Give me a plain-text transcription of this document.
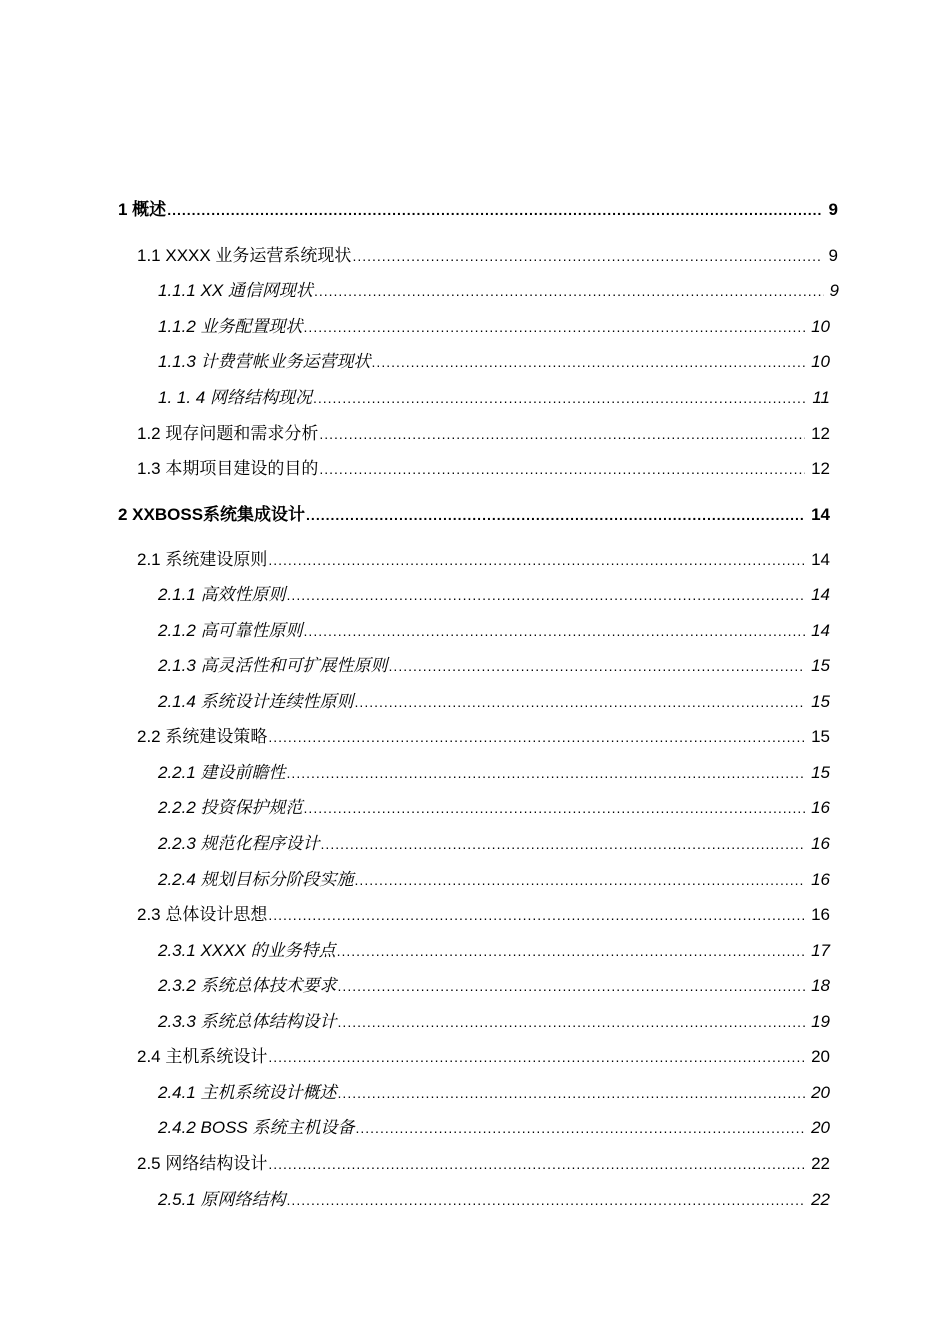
1 概述 .....	9
1.1 XXXX 业务运营系统现状 .....	9
1.1.1 XX 通信网现状 .....	9
1.1.2 业务配置现状 .....	10
1.1.3 计费营帐业务运营现状 .....	10
1. 1. 4 网络结构现况 .....	11
1.2 现存问题和需求分析 .....	12
1.3 本期项目建设的目的 .....	12
2 XXBOSS系统集成设计 .....	14
2.1 系统建设原则 .....	14
2.1.1 高效性原则 .....	14
2.1.2 高可靠性原则 .....	14
2.1.3 高灵活性和可扩展性原则 .....	15
2.1.4 系统设计连续性原则 .....	15
2.2 系统建设策略 .....	15
2.2.1 建设前瞻性 .....	15
2.2.2 投资保护规范 .....	16
2.2.3 规范化程序设计 .....	16
2.2.4 规划目标分阶段实施 .....	16
2.3 总体设计思想 .....	16
2.3.1 XXXX 的业务特点 .....	17
2.3.2 系统总体技术要求 .....	18
2.3.3 系统总体结构设计 .....	19
2.4 主机系统设计 .....	20
2.4.1 主机系统设计概述 .....	20
2.4.2 BOSS 系统主机设备 .....	20
2.5 网络结构设计 .....	22
2.5.1 原网络结构 .....	22
